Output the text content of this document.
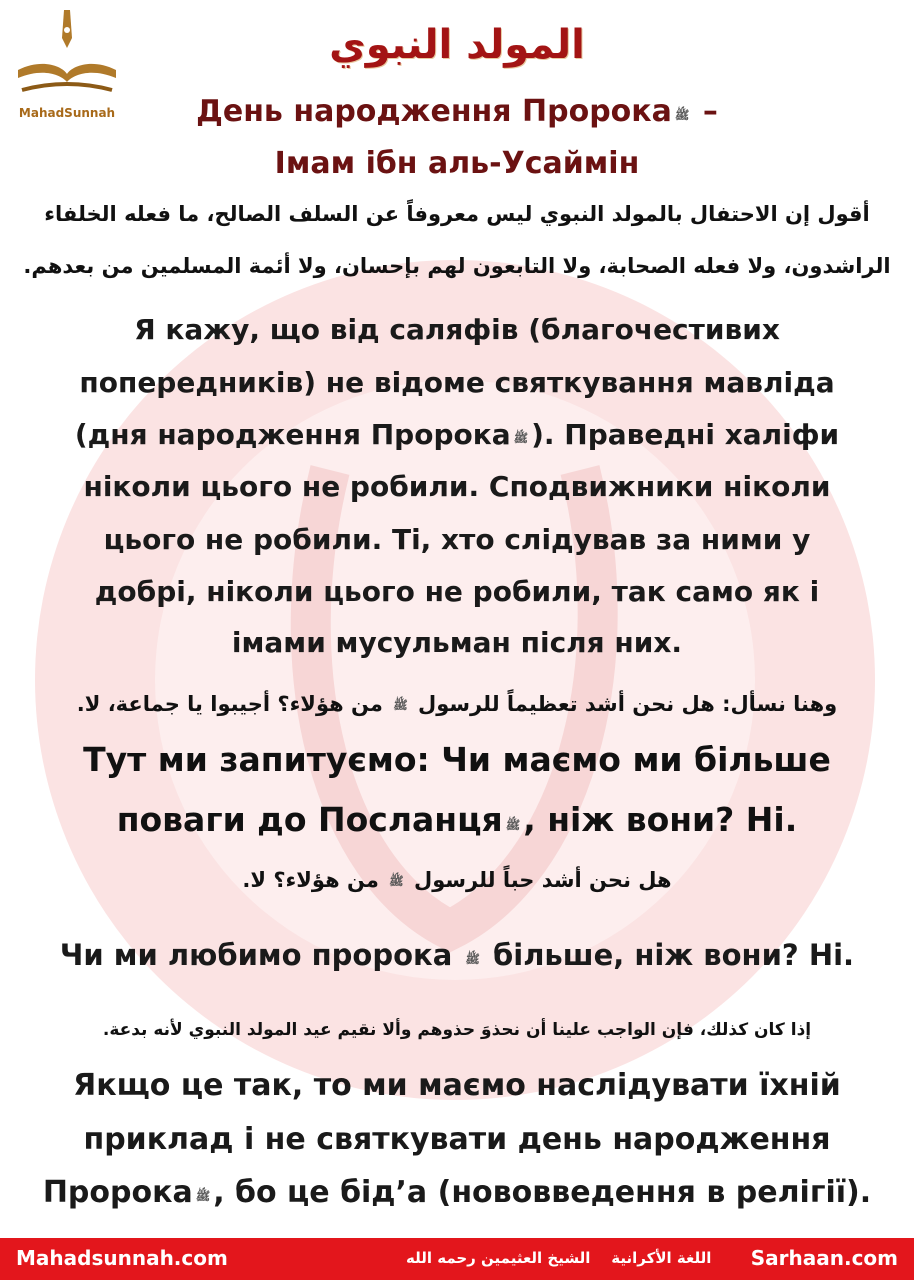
MahadSunnah
المولد النبوي
День народження Пророка ﷺ –
Імам ібн аль-Усаймін
أقول إن الاحتفال بالمولد النبوي ليس معروفاً عن السلف الصالح، ما فعله الخلفاء
الراشدون، ولا فعله الصحابة، ولا التابعون لهم بإحسان، ولا أئمة المسلمين من بعدهم.
Я кажу, що від саляфів (благочестивих
попередників) не відоме святкування мавліда
(дня народження Пророка ﷺ ). Праведні халіфи
ніколи цього не робили. Сподвижники ніколи
цього не робили. Ті, хто слідував за ними у
добрі, ніколи цього не робили, так само як і
імами мусульман після них.
وهنا نسأل: هل نحن أشد تعظيماً للرسول ﷺ من هؤلاء؟ أجيبوا يا جماعة، لا.
Тут ми запитуємо: Чи маємо ми більше
поваги до Посланця ﷺ, ніж вони? Ні.
هل نحن أشد حباً للرسول ﷺ من هؤلاء؟ لا.
Чи ми любимо пророка ﷺ більше, ніж вони? Ні.
إذا كان كذلك، فإن الواجب علينا أن نحذوَ حذوهم وألا نقيم عيد المولد النبوي لأنه بدعة.
Якщо це так, то ми маємо наслідувати їхній
приклад і не святкувати день народження
Пророка ﷺ , бо це бід’а (нововведення в релігії).
Mahadsunnah.com	اللغة الأكرانية    الشيخ العثيمين رحمه الله	Sarhaan.com
